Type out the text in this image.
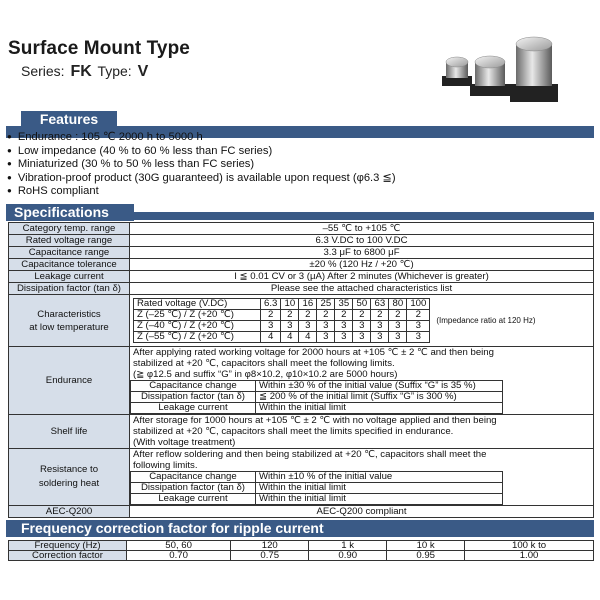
Surface Mount Type
Series: FK Type: V
Features
● Endurance : 105 ℃ 2000 h to 5000 h
● Low impedance (40 % to 60 % less than FC series)
● Miniaturized (30 % to 50 % less than FC series)
● Vibration-proof product (30G guaranteed) is available upon request (φ6.3 ≦)
● RoHS compliant
Specifications
Category temp. range	–55 ℃ to +105 ℃
Rated voltage range	6.3 V.DC to 100 V.DC
Capacitance range	3.3 μF to 6800 μF
Capacitance tolerance	±20 % (120 Hz / +20 ℃)
Leakage current	I ≦ 0.01 CV or 3 (μA) After 2 minutes (Whichever is greater)
Dissipation factor (tan δ)	Please see the attached characteristics list

Characteristics
at low temperature

Rated voltage (V.DC)	6.3	10	16	25	35	50	63	80	100
Z (–25 ℃) / Z (+20 ℃)	2	2	2	2	2	2	2	2	2
Z (–40 ℃) / Z (+20 ℃)	3	3	3	3	3	3	3	3	3
Z (–55 ℃) / Z (+20 ℃)	4	4	4	3	3	3	3	3	3
(Impedance ratio at 120 Hz)

Endurance	
After applying rated working voltage for 2000 hours at +105 ℃ ± 2 ℃ and then being
stabilized at +20 ℃, capacitors shall meet the following limits.
(≧ φ12.5 and suffix “G” in φ8×10.2, φ10×10.2 are 5000 hours)
Capacitance change	Within ±30 % of the initial value (Suffix “G” is 35 %)
Dissipation factor (tan δ)	≦ 200 % of the initial limit (Suffix “G” is 300 %)
Leakage current	Within the initial limit

Shelf life	
After storage for 1000 hours at +105 ℃ ± 2 ℃ with no voltage applied and then being
stabilized at +20 ℃, capacitors shall meet the limits specified in endurance.
(With voltage treatment)

Resistance to
soldering heat

After reflow soldering and then being stabilized at +20 ℃, capacitors shall meet the
following limits.
Capacitance change	Within ±10 % of the initial value
Dissipation factor (tan δ)	Within the initial limit
Leakage current	Within the initial limit

AEC-Q200	AEC-Q200 compliant
Frequency correction factor for ripple current
Frequency (Hz)	50, 60	120	1 k	10 k	100 k to
Correction factor	0.70	0.75	0.90	0.95	1.00
